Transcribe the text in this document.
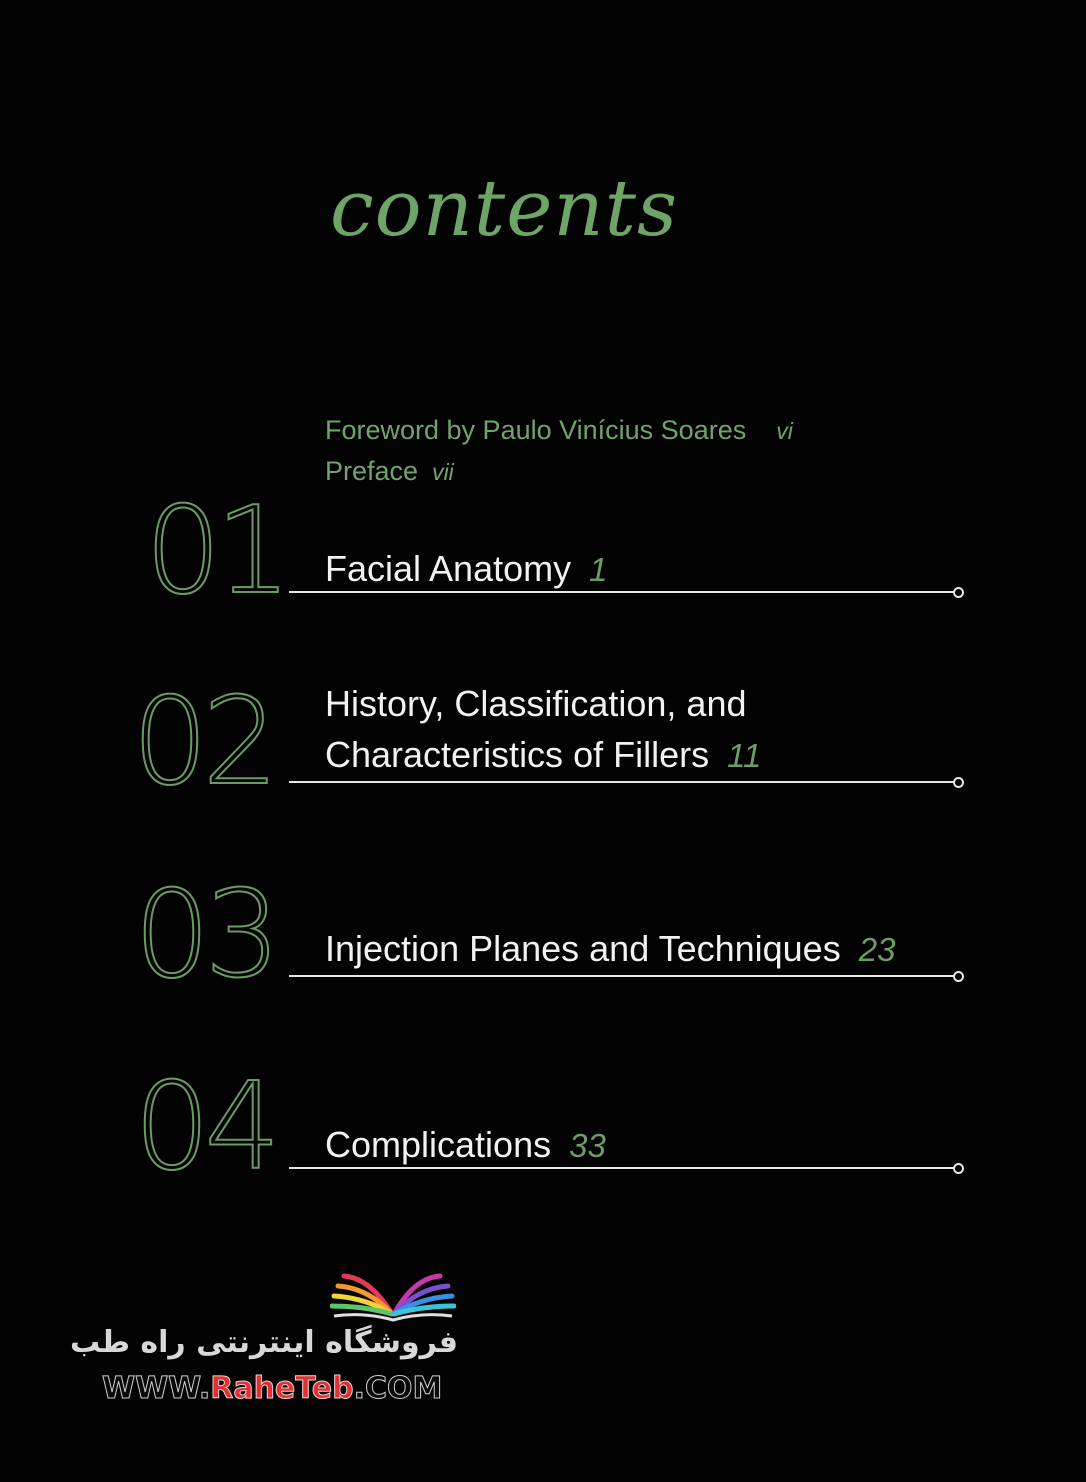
contents
Foreword by Paulo Vinícius Soares vi
Preface vii
01 Facial Anatomy 1
02 History, Classification, and
Characteristics of Fillers 11
03 Injection Planes and Techniques 23
04 Complications 33
فروشگاه اینترنتی راه طب
WWW.RaheTeb.COM
